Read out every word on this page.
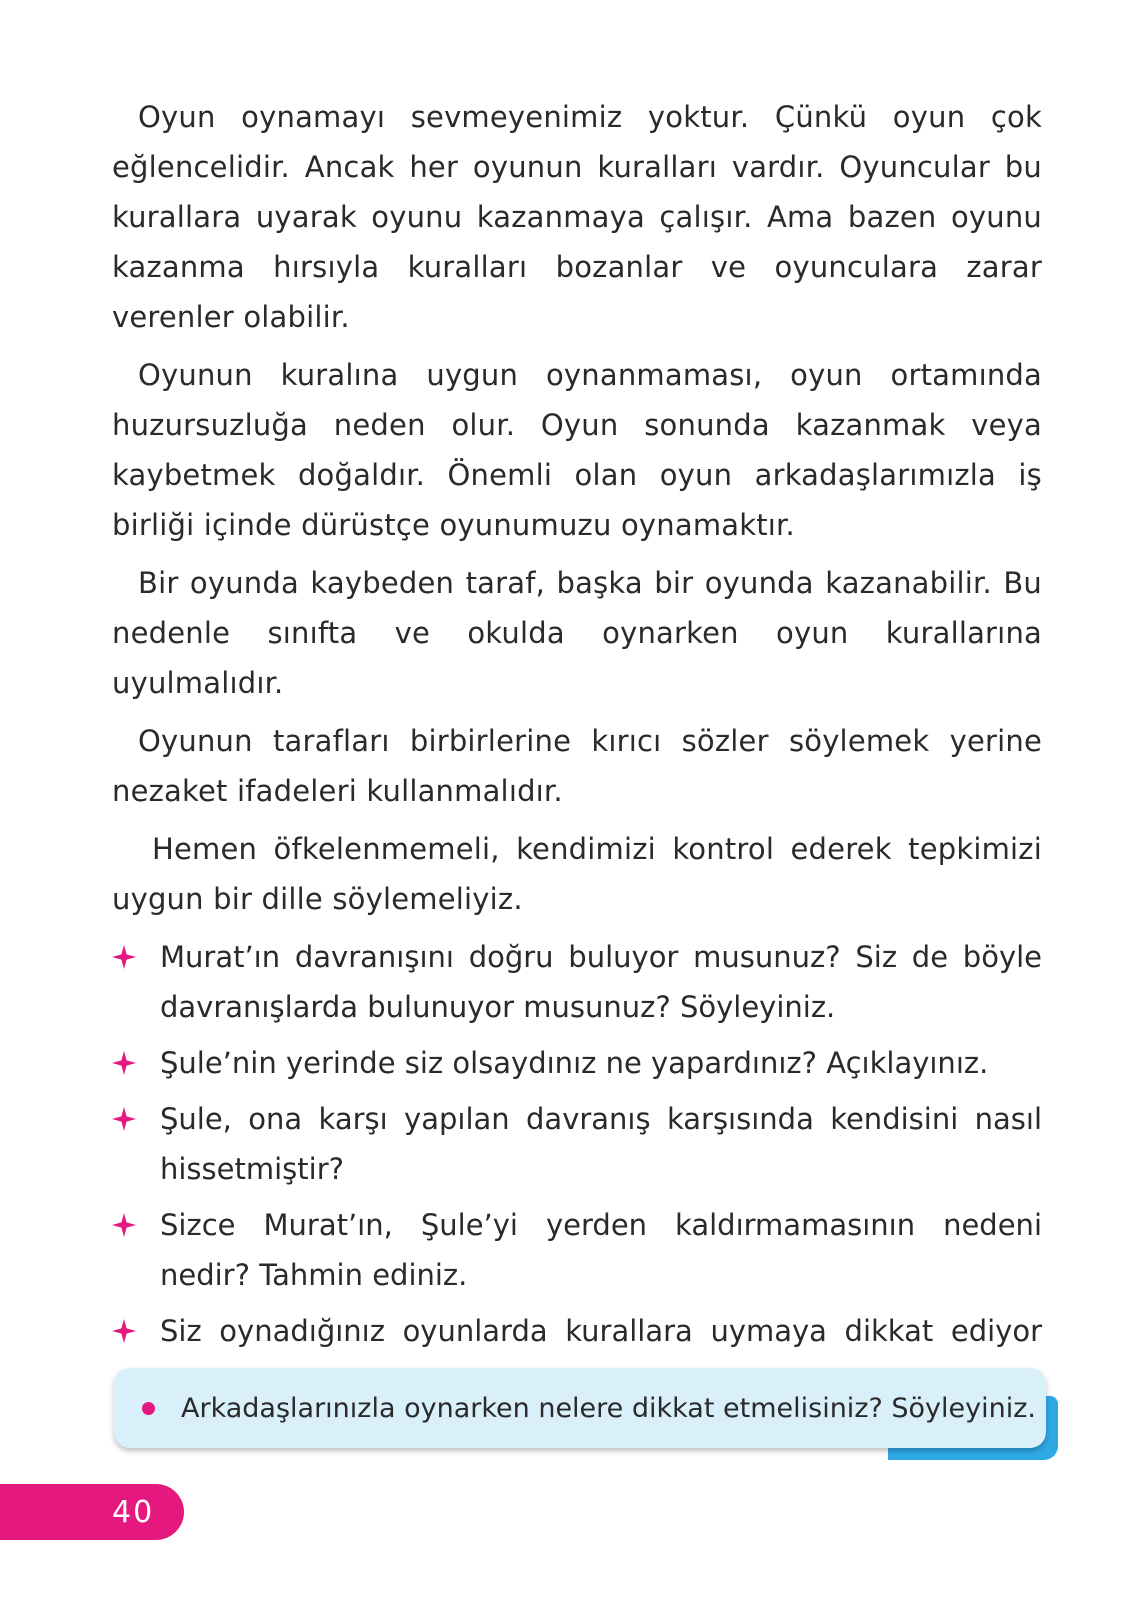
Oyun oynamayı sevmeyenimiz yoktur. Çünkü oyun çok eğlencelidir. Ancak her oyunun kuralları vardır. Oyuncular bu kurallara uyarak oyunu kazanmaya çalışır. Ama bazen oyunu kazanma hırsıyla kuralları bozanlar ve oyunculara zarar verenler olabilir.

Oyunun kuralına uygun oynanmaması, oyun ortamında huzursuzluğa neden olur. Oyun sonunda kazanmak veya kaybetmek doğaldır. Önemli olan oyun arkadaşlarımızla iş birliği içinde dürüstçe oyunumuzu oynamaktır.

Bir oyunda kaybeden taraf, başka bir oyunda kazanabilir. Bu nedenle sınıfta ve okulda oynarken oyun kurallarına uyulmalıdır.

Oyunun tarafları birbirlerine kırıcı sözler söylemek yerine nezaket ifadeleri kullanmalıdır.

Hemen öfkelenmemeli, kendimizi kontrol ederek tepkimizi uygun bir dille söylemeliyiz.

Murat’ın davranışını doğru buluyor musunuz? Siz de böyle davranışlarda bulunuyor musunuz? Söyleyiniz.
Şule’nin yerinde siz olsaydınız ne yapardınız? Açıklayınız.
Şule, ona karşı yapılan davranış karşısında kendisini nasıl hissetmiştir?
Sizce Murat’ın, Şule’yi yerden kaldırmamasının nedeni nedir? Tahmin ediniz.
Siz oynadığınız oyunlarda kurallara uymaya dikkat ediyor
Arkadaşlarınızla oynarken nelere dikkat etmelisiniz? Söyleyiniz.
40
